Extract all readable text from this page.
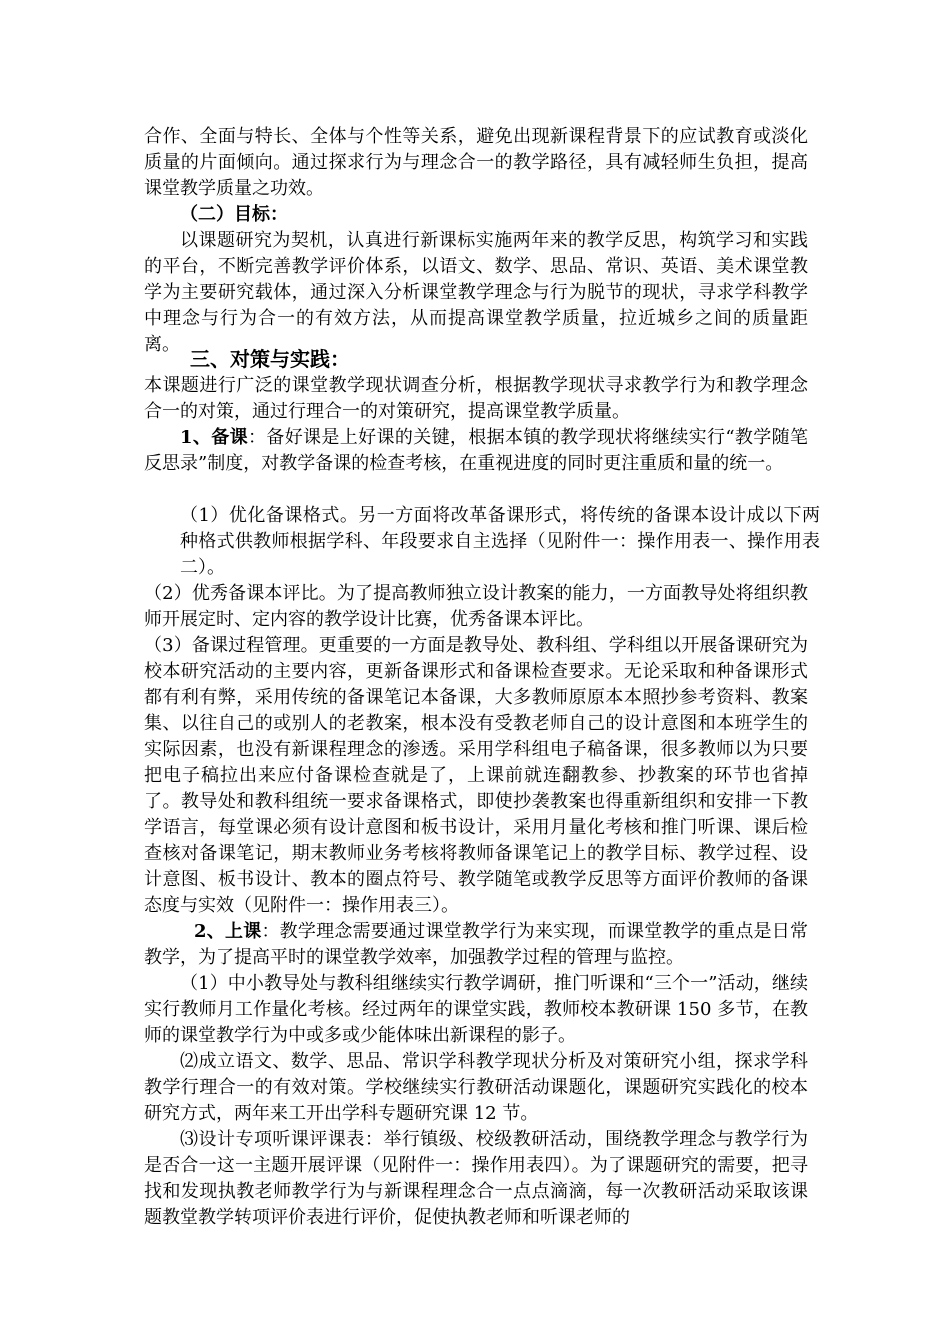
合作、全面与特长、全体与个性等关系，避免出现新课程背景下的应试教育或淡化质量的片面倾向。通过探求行为与理念合一的教学路径，具有减轻师生负担，提高课堂教学质量之功效。

（二）目标：

以课题研究为契机，认真进行新课标实施两年来的教学反思，构筑学习和实践的平台，不断完善教学评价体系，以语文、数学、思品、常识、英语、美术课堂教学为主要研究载体，通过深入分析课堂教学理念与行为脱节的现状，寻求学科教学中理念与行为合一的有效方法，从而提高课堂教学质量，拉近城乡之间的质量距离。

三、对策与实践：

本课题进行广泛的课堂教学现状调查分析，根据教学现状寻求教学行为和教学理念合一的对策，通过行理合一的对策研究，提高课堂教学质量。

1、备课：备好课是上好课的关键，根据本镇的教学现状将继续实行“教学随笔反思录”制度，对教学备课的检查考核，在重视进度的同时更注重质和量的统一。

（1）优化备课格式。另一方面将改革备课形式，将传统的备课本设计成以下两种格式供教师根据学科、年段要求自主选择（见附件一：操作用表一、操作用表二）。

（2）优秀备课本评比。为了提高教师独立设计教案的能力，一方面教导处将组织教师开展定时、定内容的教学设计比赛，优秀备课本评比。

（3）备课过程管理。更重要的一方面是教导处、教科组、学科组以开展备课研究为校本研究活动的主要内容，更新备课形式和备课检查要求。无论采取和种备课形式都有利有弊，采用传统的备课笔记本备课，大多教师原原本本照抄参考资料、教案集、以往自己的或别人的老教案，根本没有受教老师自己的设计意图和本班学生的实际因素，也没有新课程理念的渗透。采用学科组电子稿备课，很多教师以为只要把电子稿拉出来应付备课检查就是了，上课前就连翻教参、抄教案的环节也省掉了。教导处和教科组统一要求备课格式，即使抄袭教案也得重新组织和安排一下教学语言，每堂课必须有设计意图和板书设计，采用月量化考核和推门听课、课后检查核对备课笔记，期末教师业务考核将教师备课笔记上的教学目标、教学过程、设计意图、板书设计、教本的圈点符号、教学随笔或教学反思等方面评价教师的备课态度与实效（见附件一：操作用表三）。

2、上课：教学理念需要通过课堂教学行为来实现，而课堂教学的重点是日常教学，为了提高平时的课堂教学效率，加强教学过程的管理与监控。

（1）中小教导处与教科组继续实行教学调研，推门听课和“三个一”活动，继续实行教师月工作量化考核。经过两年的课堂实践，教师校本教研课 150 多节，在教师的课堂教学行为中或多或少能体味出新课程的影子。

⑵成立语文、数学、思品、常识学科教学现状分析及对策研究小组，探求学科教学行理合一的有效对策。学校继续实行教研活动课题化，课题研究实践化的校本研究方式，两年来工开出学科专题研究课 12 节。

⑶设计专项听课评课表：举行镇级、校级教研活动，围绕教学理念与教学行为是否合一这一主题开展评课（见附件一：操作用表四）。为了课题研究的需要，把寻找和发现执教老师教学行为与新课程理念合一点点滴滴，每一次教研活动采取该课题教堂教学转项评价表进行评价，促使执教老师和听课老师的
